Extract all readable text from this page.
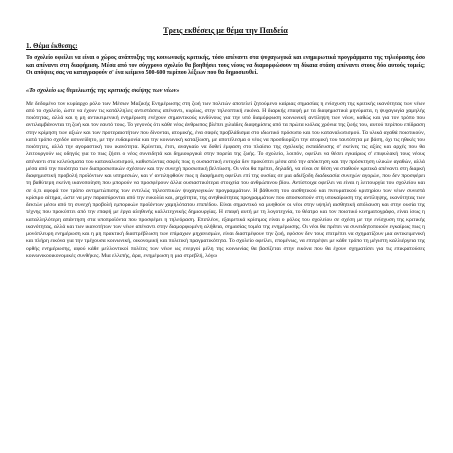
Τρεις εκθέσεις με θέμα την Παιδεία
1. Θέμα έκθεσης:
Το σχολείο οφείλει να είναι ο χώρος ανάπτυξης της κοινωνικής κριτικής, τόσο απέναντι στα ψυχαγωγικά και ενημερωτικά προγράμματα της τηλεόρασης όσο και απέναντι στη διαφήμιση. Μέσα από τον σύγχρονο σχολείο θα βοηθήσει τους νέους να διαμορφώσουν τη δίκαια στάση απέναντι στους δύο αυτούς τομείς; Οι απόψεις σας να καταγραφούν σ' ένα κείμενο 500-600 περίπου λέξεων που θα δημοσιευθεί.
«Το σχολείο ως θεμελιωτής της κριτικής σκέψης των νέων»
Με δεδομένο τον κυρίαρχο ρόλο των Μέσων Μαζικής Ενημέρωσης στη ζωή των πολιτών αποτελεί ζητούμενο καίριας σημασίας η ενίσχυση της κριτικής ικανότητας των νέων από το σχολείο, ώστε να έχουν τις κατάλληλες αντιστάσεις απέναντι, κυρίως, στην τηλεοπτική εικόνα. Η διαρκής επαφή με τα διαφημιστικά μηνύματα, η ψυχαγωγία χαμηλής ποιότητας, αλλά και η μη αντικειμενική ενημέρωση ενέχουν σημαντικούς κινδύνους για την υπό διαμόρφωση κοινωνική αντίληψη των νέων, καθώς και για τον τρόπο που αντιλαμβάνονται τη ζωή και τον εαυτό τους. Το γεγονός ότι κάθε νέος άνθρωπος βλέπει χιλιάδες διαφημίσεις από τα πρώτα κιόλας χρόνια της ζωής του, αυτού περίπου επίδραση στην κρίμηση των αξιών και των προτεραιοτήτων που δίνονται, ατομικής, ένα σαφές προβλάδισμα στο ιδιωτικό πρόσωπο και του καταναλωτισμού. Τα υλικά αγαθά ποιοτικούν, κατά τρόπο σχεδόν ασυνείδητο, με την ευδαιμονία και την κοινωνική καταξίωση, με αποτέλεσμα ο νέος να προσδιορίζει την ατομική του ταυτότητα με βάση, όχι τις ηθικές του ποιότητες, αλλά την αγοραστική του ικανότητα. Κρίνεται, έτσι, αναγκαίο να δοθεί έμφαση στο πλαίσιο της σχολικής εκπαίδευσης σ' εκείνες τις αξίες και αρχές που θα λειτουργούν ως οδηγός για το πως ζήσει ο νέος συνειδητά και δημιουργικά στην πορεία της ζωής. Το σχολείο, λοιπόν, οφείλει να θέσει εγκαίρως σ' επιφυλακή τους νέους απέναντι στα κελεύσματα του καταναλωτισμού, καθιστώντας σαφές πως η ουσιαστική ευτυχία δεν προκύπτει μέσα από την απόκτηση και την πρόσκτηση υλικών αγαθών, αλλά μέσα από την ποιότητα των διαπροσωπικών σχέσεων και την συνεχή προσωπική βελτίωση. Οι νέοι θα πρέπει, δηλαδή, να είναι σε θέση να σταθούν κριτικά απέναντι στη διαρκή διαφημιστική προβολή προϊόντων και υπηρεσιών, και ν' αντιληφθούν πως η διαφήμιση οφείλει επί της ουσίας σε μια αδιέξοδη διαδικασία συνεχών αγορών, που δεν προσφέρει τη βαθύτερη εκείνη ικανοποίηση που μπορούν να προσφέρουν άλλα ουσιαστικότερα στοιχεία του ανθρώπινου βίου. Αντίστοιχα οφείλει να είναι η λειτουργία του σχολείου και σε ό,τι αφορά τον τρόπο αντιμετώπισης των εντελώς τηλεοπτικών ψυχαγωγικών προγραμμάτων. Η βάθυνση του αισθητικού και πνευματικού κριτηρίου των νέων συνιστά κρίσιμο αίτημα, ώστε να μην παρασύρονται από την ευκολία και, ρηχότητα, της ανηθικότητας προγραμμάτων που αποσκοπούν στη υποκαίρωση της αντίληψης, ικανότητας των δεκτών μέσω από τη συνεχή προβολή εμπορικών προϊόντων χαμηλότατου επιπέδου. Είναι σημαντικό να μυηθούν οι νέοι στην υψηλή αισθητική απόλαυση και στην ουσία της τέχνης που προκύπτει από την επαφή με έργα αληθινής καλλιτεχνικής δημιουργίας. Η επαφή αυτή με τη λογοτεχνία, το θέατρο και τον ποιοτικό κινηματογράφο, είναι ίσως η καταλληλότερη απάντηση στα υποπροϊόντα που προσφέρει η τηλεόραση. Επιπλέον, εξαιρετικά κρίσιμος είναι ο ρόλος του σχολείου σε σχέση με την ενίσχυση της κριτικής ικανότητας, αλλά και των ικανοτήτων των νέων απέναντι στην διαμορφωμένη αλήθεια, σημασίας τομέα της ενημέρωσης. Οι νέοι θα πρέπει να συνειδητοποιούν εγκαίρως πως η μονόπλευρη ενημέρωση και η μη πρακτική διαστρέβλωση των επίμαχων μηχανισμών, είναι διαστρέφουν την ζωή, εφόσον δεν τους επιτρέπει να σχηματίζουν μια αντικειμενική και πλήρη εικόνα για την τρέχουσα κοινωνική, οικονομική και πολιτική πραγματικότητα. Το σχολείο οφείλει, επομένως, να επιτρέψει με κάθε τρόπο τη μέγιστη καλλιέργεια της ορθής ενημέρωσης, αφού κάθε μελλοντικοί πολίτες των νέων ως ενεργοί μέλη της κοινωνίας θα βασίζεται στην εικόνα που θα έχουν σχηματίσει για τις επικρατούσες κοινωνικοοικονομικές συνθήκες. Μια ελλιπής, άρα, ενημέρωση η μια στρεβλή, λόγω
